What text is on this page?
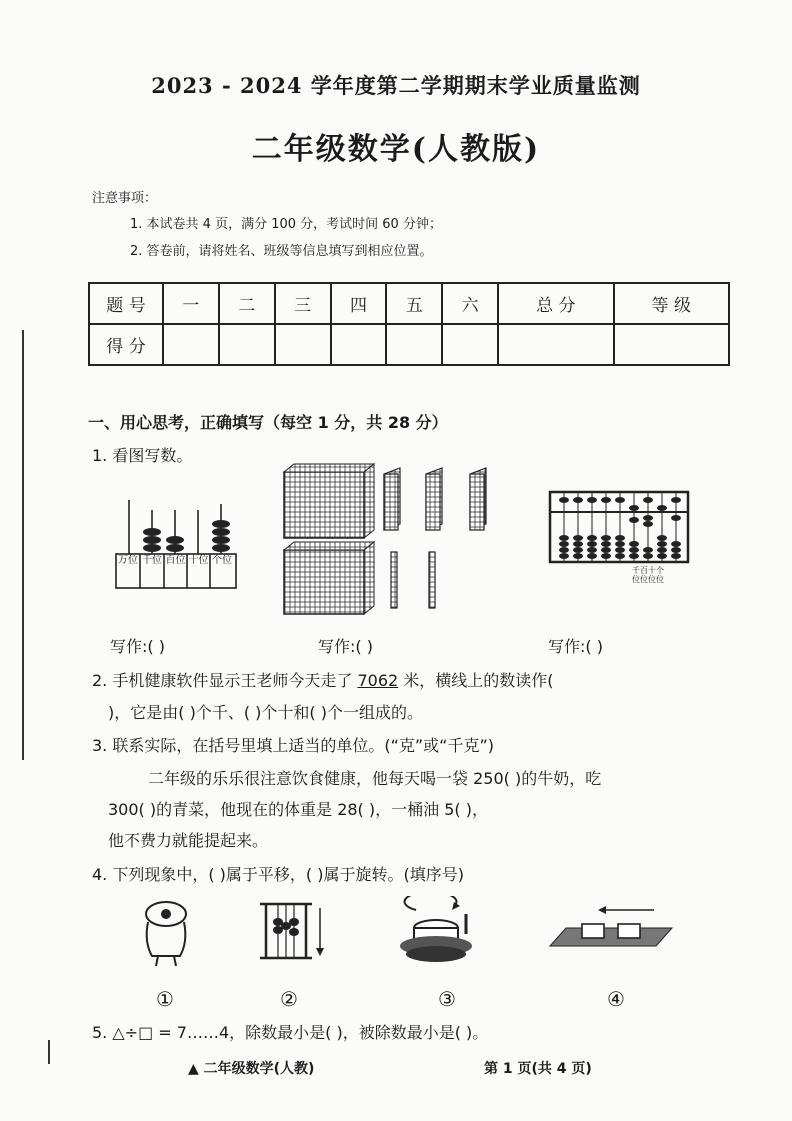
2023 - 2024 学年度第二学期期末学业质量监测
二年级数学(人教版)
注意事项：
1. 本试卷共 4 页，满分 100 分，考试时间 60 分钟；
2. 答卷前，请将姓名、班级等信息填写到相应位置。
题 号	一	二	三	四	五	六	总 分	等 级
得 分								
一、用心思考，正确填写（每空 1 分，共 28 分）
1. 看图写数。
万位 千位 百位 十位 个位
千百十个
位位位位
写作:( )	写作:( )	写作:( )
2. 手机健康软件显示王老师今天走了 7062 米，横线上的数读作(
)，它是由( )个千、( )个十和( )个一组成的。
3. 联系实际，在括号里填上适当的单位。(“克”或“千克”)
二年级的乐乐很注意饮食健康，他每天喝一袋 250( )的牛奶，吃
300( )的青菜，他现在的体重是 28( )，一桶油 5( )，
他不费力就能提起来。
4. 下列现象中，( )属于平移，( )属于旋转。(填序号)
①	②	③	④
5. △÷□ = 7……4，除数最小是( )，被除数最小是( )。
▲ 二年级数学(人教)	第 1 页(共 4 页)
